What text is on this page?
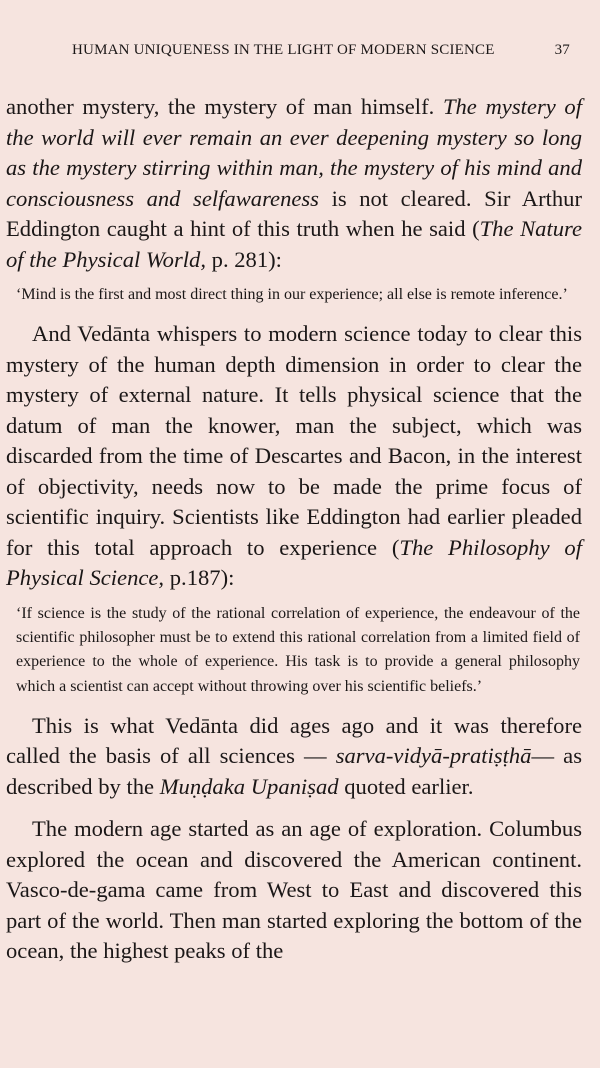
HUMAN UNIQUENESS IN THE LIGHT OF MODERN SCIENCE	37

another mystery, the mystery of man himself. The mystery of the world will ever remain an ever deepening mystery so long as the mystery stirring within man, the mystery of his mind and consciousness and selfawareness is not cleared. Sir Arthur Eddington caught a hint of this truth when he said (The Nature of the Physical World, p. 281):

‘Mind is the first and most direct thing in our experience; all else is remote inference.’

And Vedānta whispers to modern science today to clear this mystery of the human depth dimension in order to clear the mystery of external nature. It tells physical science that the datum of man the knower, man the subject, which was discarded from the time of Descartes and Bacon, in the interest of objectivity, needs now to be made the prime focus of scientific inquiry. Scientists like Eddington had earlier pleaded for this total approach to experience (The Philosophy of Physical Science, p.187):

‘If science is the study of the rational correlation of experience, the endeavour of the scientific philosopher must be to extend this rational correlation from a limited field of experience to the whole of experience. His task is to provide a general philosophy which a scientist can accept without throwing over his scientific beliefs.’

This is what Vedānta did ages ago and it was therefore called the basis of all sciences — sarva-vidyā-pratiṣṭhā— as described by the Muṇḍaka Upaniṣad quoted earlier.

The modern age started as an age of exploration. Columbus explored the ocean and discovered the American continent. Vasco-de-gama came from West to East and discovered this part of the world. Then man started exploring the bottom of the ocean, the highest peaks of the
